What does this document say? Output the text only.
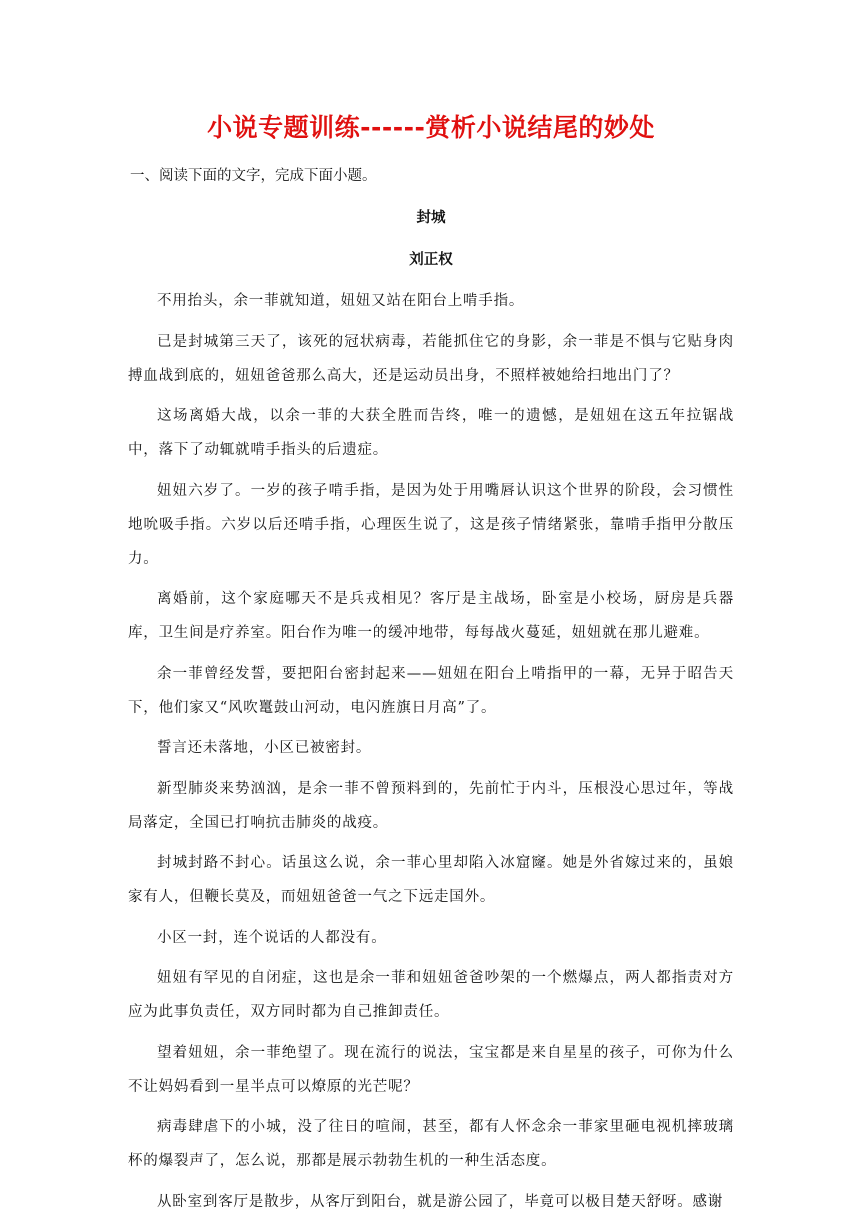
小说专题训练------赏析小说结尾的妙处
一、阅读下面的文字，完成下面小题。
封城
刘正权

不用抬头，余一菲就知道，妞妞又站在阳台上啃手指。

已是封城第三天了，该死的冠状病毒，若能抓住它的身影，余一菲是不惧与它贴身肉搏血战到底的，妞妞爸爸那么高大，还是运动员出身，不照样被她给扫地出门了？

这场离婚大战，以余一菲的大获全胜而告终，唯一的遗憾，是妞妞在这五年拉锯战中，落下了动辄就啃手指头的后遗症。

妞妞六岁了。一岁的孩子啃手指，是因为处于用嘴唇认识这个世界的阶段，会习惯性地吮吸手指。六岁以后还啃手指，心理医生说了，这是孩子情绪紧张，靠啃手指甲分散压力。

离婚前，这个家庭哪天不是兵戎相见？客厅是主战场，卧室是小校场，厨房是兵器库，卫生间是疗养室。阳台作为唯一的缓冲地带，每每战火蔓延，妞妞就在那儿避难。

余一菲曾经发誓，要把阳台密封起来——妞妞在阳台上啃指甲的一幕，无异于昭告天下，他们家又“风吹鼍鼓山河动，电闪旌旗日月高”了。

誓言还未落地，小区已被密封。

新型肺炎来势汹汹，是余一菲不曾预料到的，先前忙于内斗，压根没心思过年，等战局落定，全国已打响抗击肺炎的战疫。

封城封路不封心。话虽这么说，余一菲心里却陷入冰窟窿。她是外省嫁过来的，虽娘家有人，但鞭长莫及，而妞妞爸爸一气之下远走国外。

小区一封，连个说话的人都没有。

妞妞有罕见的自闭症，这也是余一菲和妞妞爸爸吵架的一个燃爆点，两人都指责对方应为此事负责任，双方同时都为自己推卸责任。

望着妞妞，余一菲绝望了。现在流行的说法，宝宝都是来自星星的孩子，可你为什么不让妈妈看到一星半点可以燎原的光芒呢？

病毒肆虐下的小城，没了往日的喧闹，甚至，都有人怀念余一菲家里砸电视机摔玻璃杯的爆裂声了，怎么说，那都是展示勃勃生机的一种生活态度。

从卧室到客厅是散步，从客厅到阳台，就是游公园了，毕竟可以极目楚天舒呀。感谢
